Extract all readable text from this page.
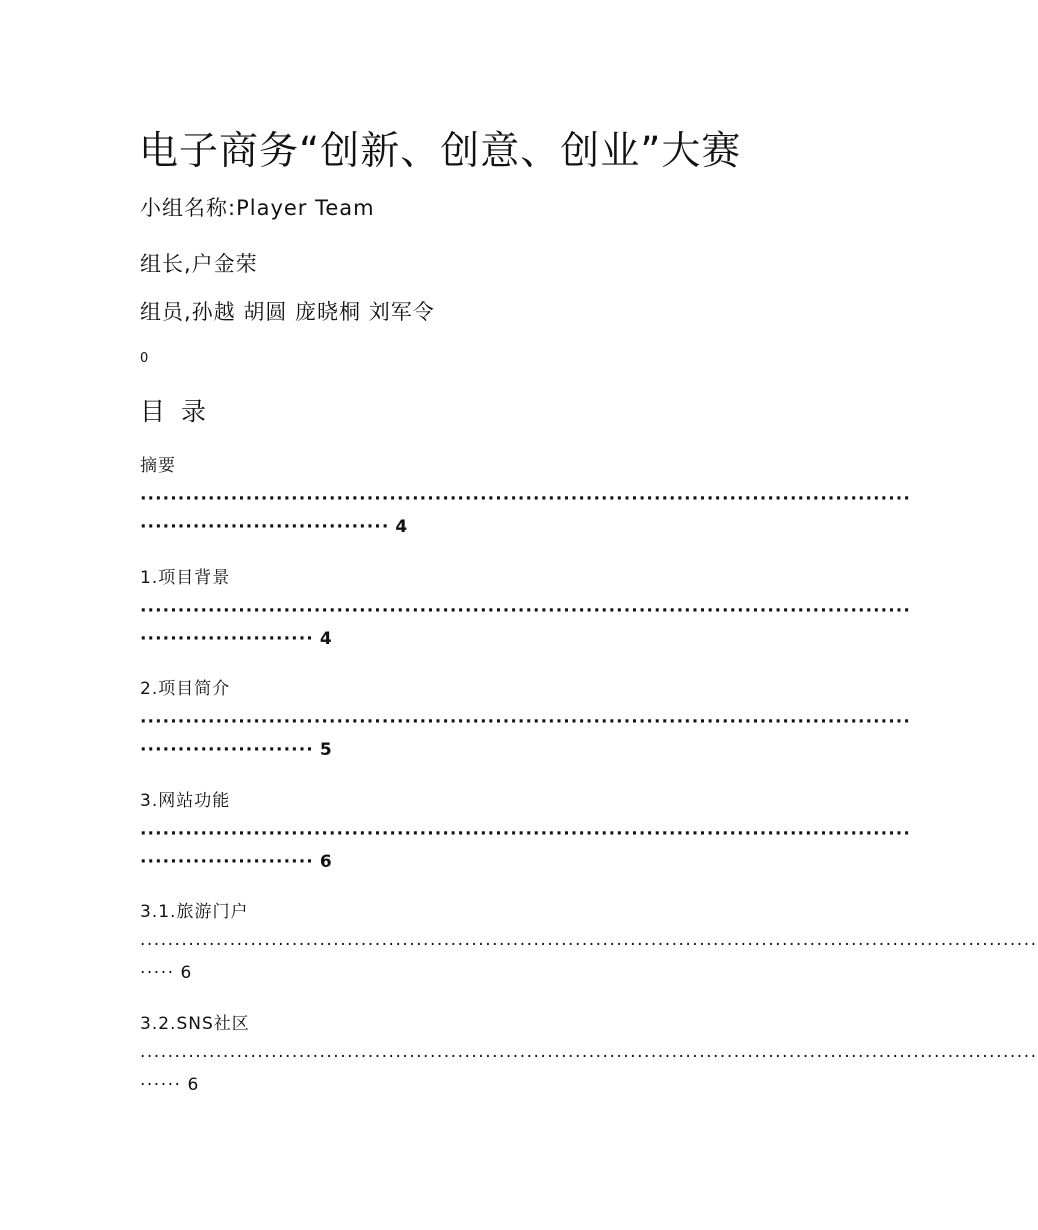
电子商务“创新、创意、创业”大赛
小组名称:Player Team
组长,户金荣
组员,孙越 胡圆 庞晓桐 刘军令
0
目 录
摘要
······································································································
································· 4
1.项目背景
······································································································
······················· 4
2.项目简介
······································································································
······················· 5
3.网站功能
······································································································
······················· 6
3.1.旅游门户
··································································································································
····· 6
3.2.SNS社区
··································································································································
······ 6
